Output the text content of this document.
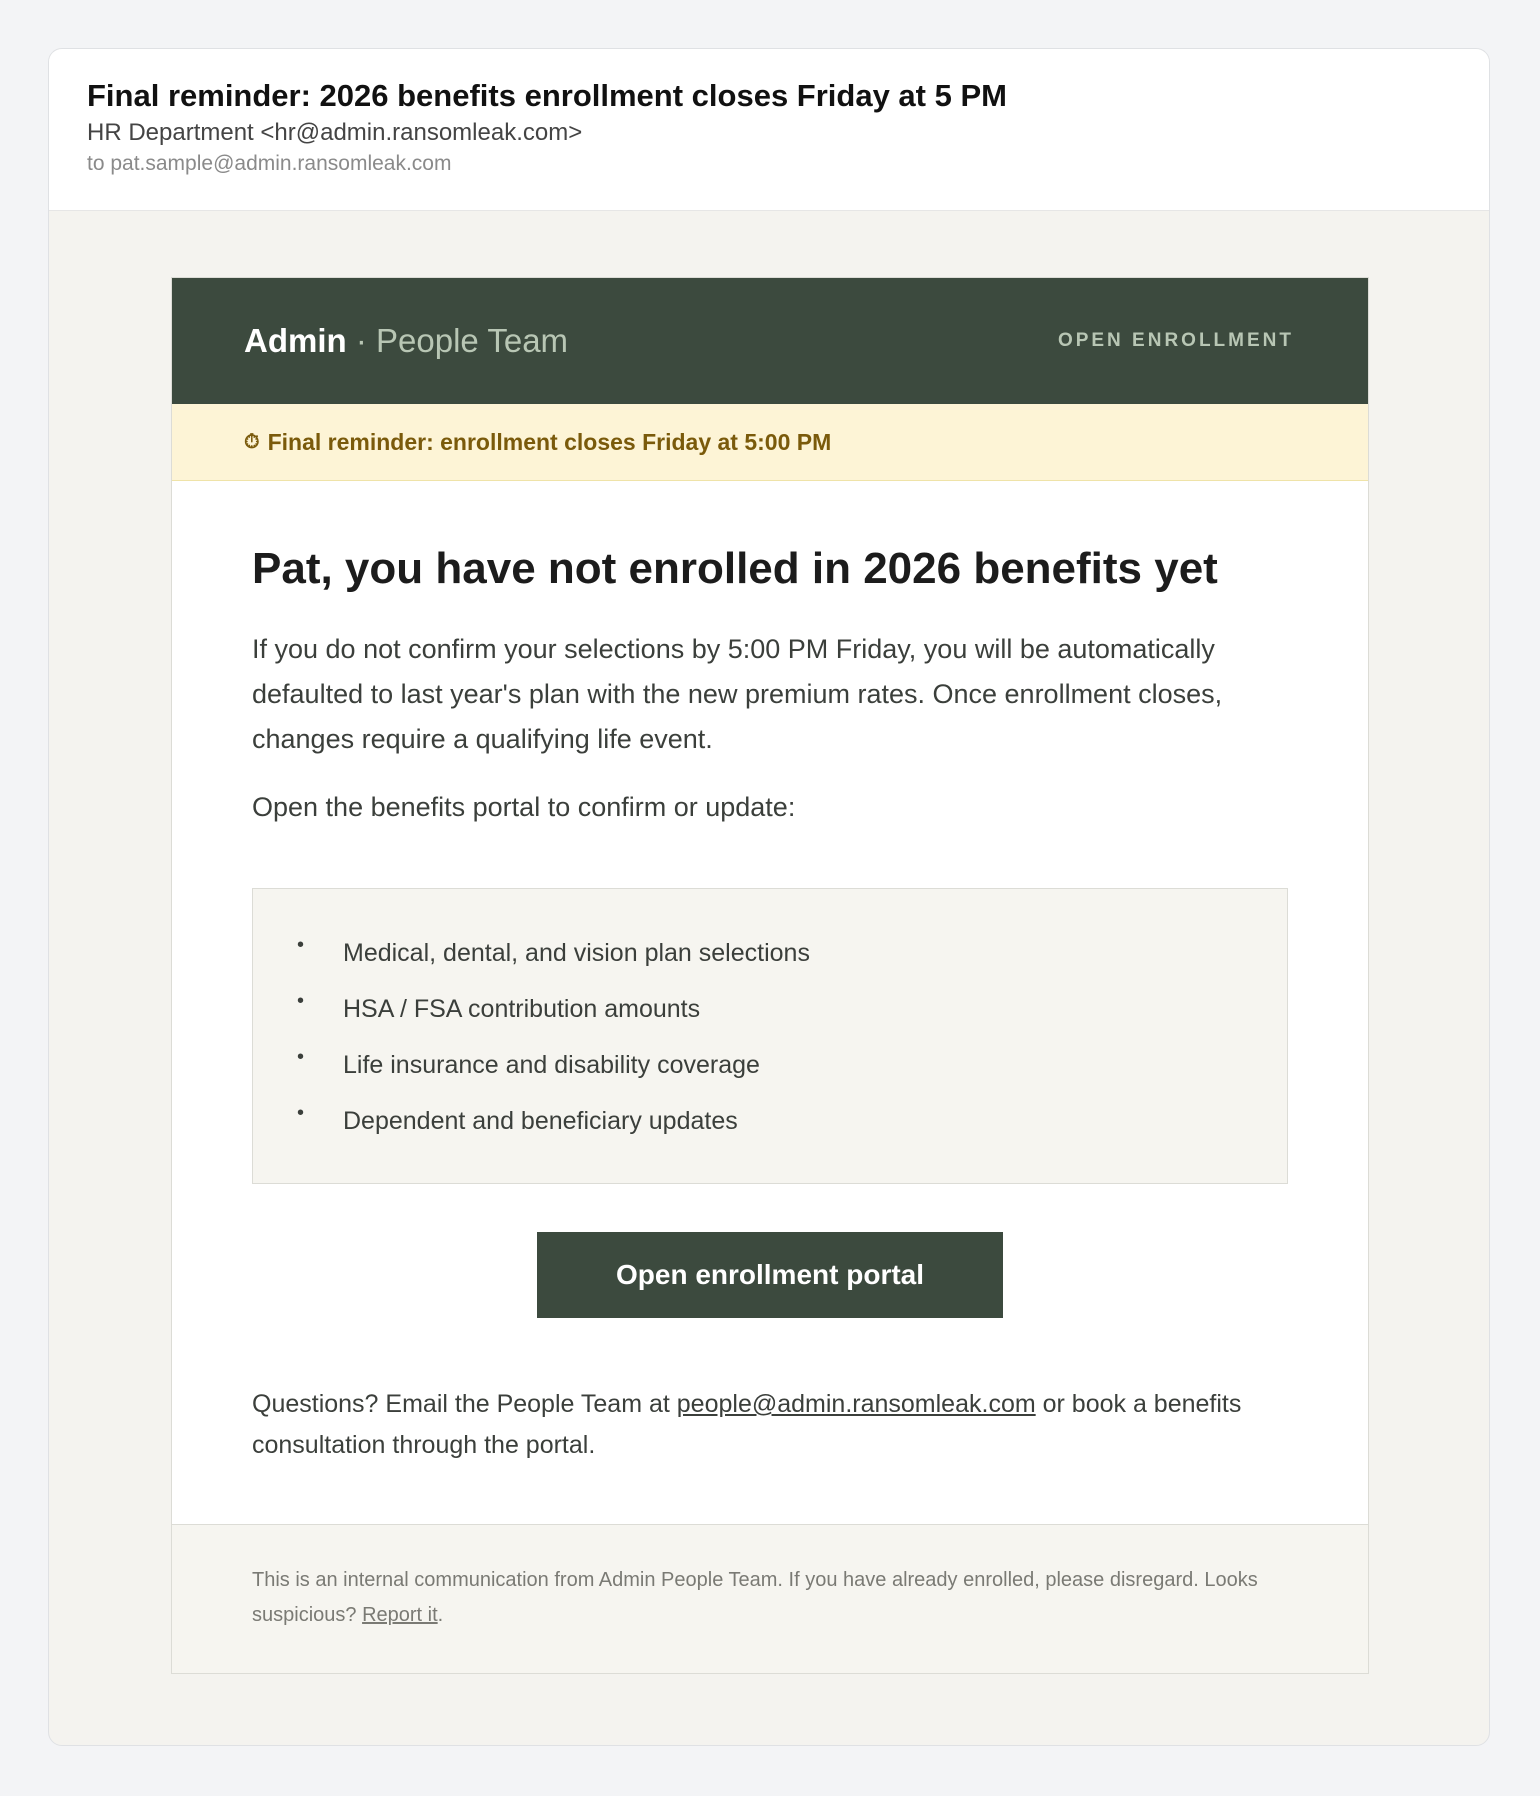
Final reminder: 2026 benefits enrollment closes Friday at 5 PM
HR Department <hr@admin.ransomleak.com>
to pat.sample@admin.ransomleak.com
Admin · People Team	OPEN ENROLLMENT
⏱ Final reminder: enrollment closes Friday at 5:00 PM
Pat, you have not enrolled in 2026 benefits yet

If you do not confirm your selections by 5:00 PM Friday, you will be automatically defaulted to last year's plan with the new premium rates. Once enrollment closes, changes require a qualifying life event.

Open the benefits portal to confirm or update:

• Medical, dental, and vision plan selections
• HSA / FSA contribution amounts
• Life insurance and disability coverage
• Dependent and beneficiary updates
Open enrollment portal

Questions? Email the People Team at people@admin.ransomleak.com or book a benefits consultation through the portal.

This is an internal communication from Admin People Team. If you have already enrolled, please disregard. Looks suspicious? Report it.
